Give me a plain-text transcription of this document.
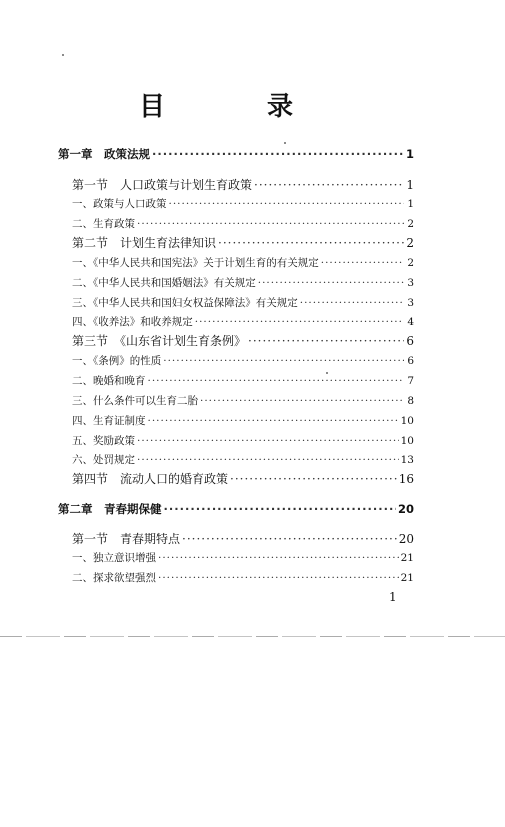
目　录
第一章　政策法规 ·····	1
第一节　人口政策与计划生育政策 ·····	1
一、政策与人口政策 ·····	1
二、生育政策 ·····	2
第二节　计划生育法律知识 ·····	2
一、《中华人民共和国宪法》关于计划生育的有关规定 ·····	2
二、《中华人民共和国婚姻法》有关规定 ·····	3
三、《中华人民共和国妇女权益保障法》有关规定 ·····	3
四、《收养法》和收养规定 ·····	4
第三节　《山东省计划生育条例》 ·····	6
一、《条例》的性质 ·····	6
二、晚婚和晚育 ·····	7
三、什么条件可以生育二胎 ·····	8
四、生育证制度 ·····	10
五、奖励政策 ·····	10
六、处罚规定 ·····	13
第四节　流动人口的婚育政策 ·····	16
第二章　青春期保健 ·····	20
第一节　青春期特点 ·····	20
一、独立意识增强 ·····	21
二、探求欲望强烈 ·····	21
1
